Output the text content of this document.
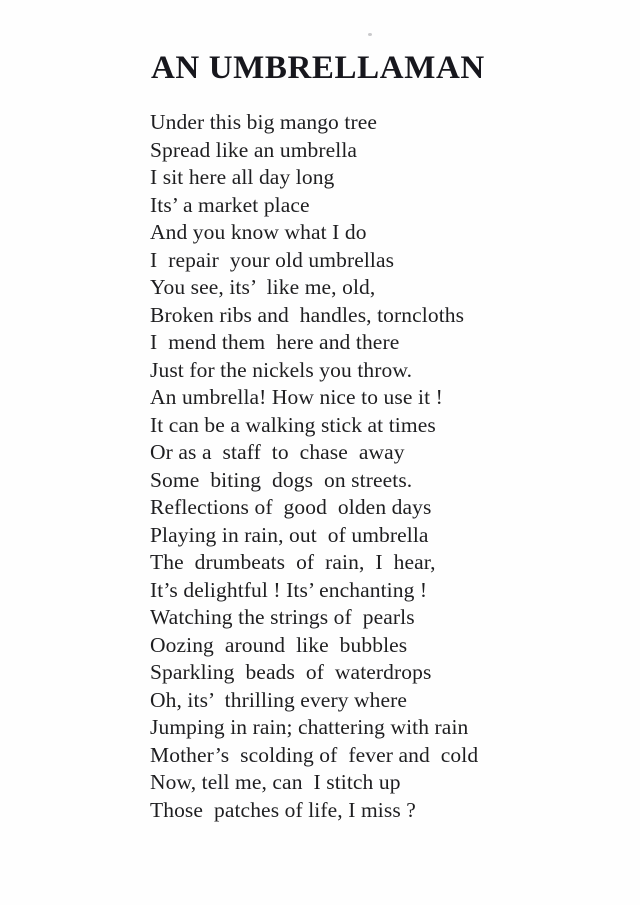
AN UMBRELLAMAN
Under this big mango tree
Spread like an umbrella
I sit here all day long
Its’ a market place
And you know what I do
I  repair  your old umbrellas
You see, its’  like me, old,
Broken ribs and  handles, torncloths
I  mend them  here and there
Just for the nickels you throw.
An umbrella! How nice to use it !
It can be a walking stick at times
Or as a  staff  to  chase  away
Some  biting  dogs  on streets.
Reflections of  good  olden days
Playing in rain, out  of umbrella
The  drumbeats  of  rain,  I  hear,
It’s delightful ! Its’ enchanting !
Watching the strings of  pearls
Oozing  around  like  bubbles
Sparkling  beads  of  waterdrops
Oh, its’  thrilling every where
Jumping in rain; chattering with rain
Mother’s  scolding of  fever and  cold
Now, tell me, can  I stitch up
Those  patches of life, I miss ?
